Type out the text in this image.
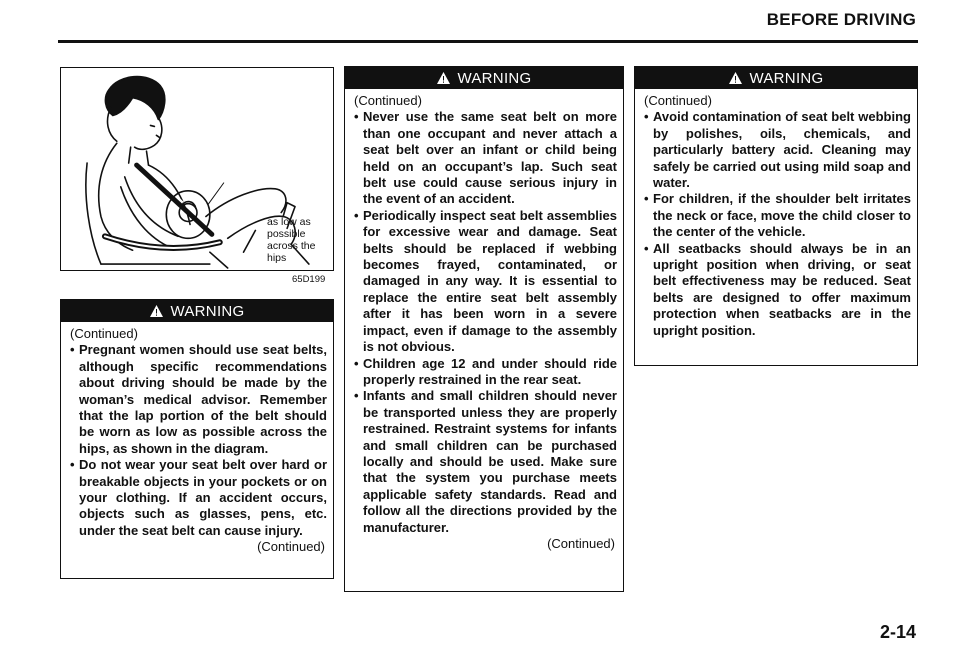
BEFORE DRIVING
as low as possible
across the hips
65D199
WARNING
(Continued)
• Pregnant women should use seat belts, although specific recommendations about driving should be made by the woman’s medical advisor. Remember that the lap portion of the belt should be worn as low as possible across the hips, as shown in the diagram.
• Do not wear your seat belt over hard or breakable objects in your pockets or on your clothing. If an accident occurs, objects such as glasses, pens, etc. under the seat belt can cause injury.
(Continued)
WARNING
(Continued)
• Never use the same seat belt on more than one occupant and never attach a seat belt over an infant or child being held on an occupant’s lap. Such seat belt use could cause serious injury in the event of an accident.
• Periodically inspect seat belt assemblies for excessive wear and damage. Seat belts should be replaced if webbing becomes frayed, contaminated, or damaged in any way. It is essential to replace the entire seat belt assembly after it has been worn in a severe impact, even if damage to the assembly is not obvious.
• Children age 12 and under should ride properly restrained in the rear seat.
• Infants and small children should never be transported unless they are properly restrained. Restraint systems for infants and small children can be purchased locally and should be used. Make sure that the system you purchase meets applicable safety standards. Read and follow all the directions provided by the manufacturer.
(Continued)
WARNING
(Continued)
• Avoid contamination of seat belt webbing by polishes, oils, chemicals, and particularly battery acid. Cleaning may safely be carried out using mild soap and water.
• For children, if the shoulder belt irritates the neck or face, move the child closer to the center of the vehicle.
• All seatbacks should always be in an upright position when driving, or seat belt effectiveness may be reduced. Seat belts are designed to offer maximum protection when seatbacks are in the upright position.
2-14
